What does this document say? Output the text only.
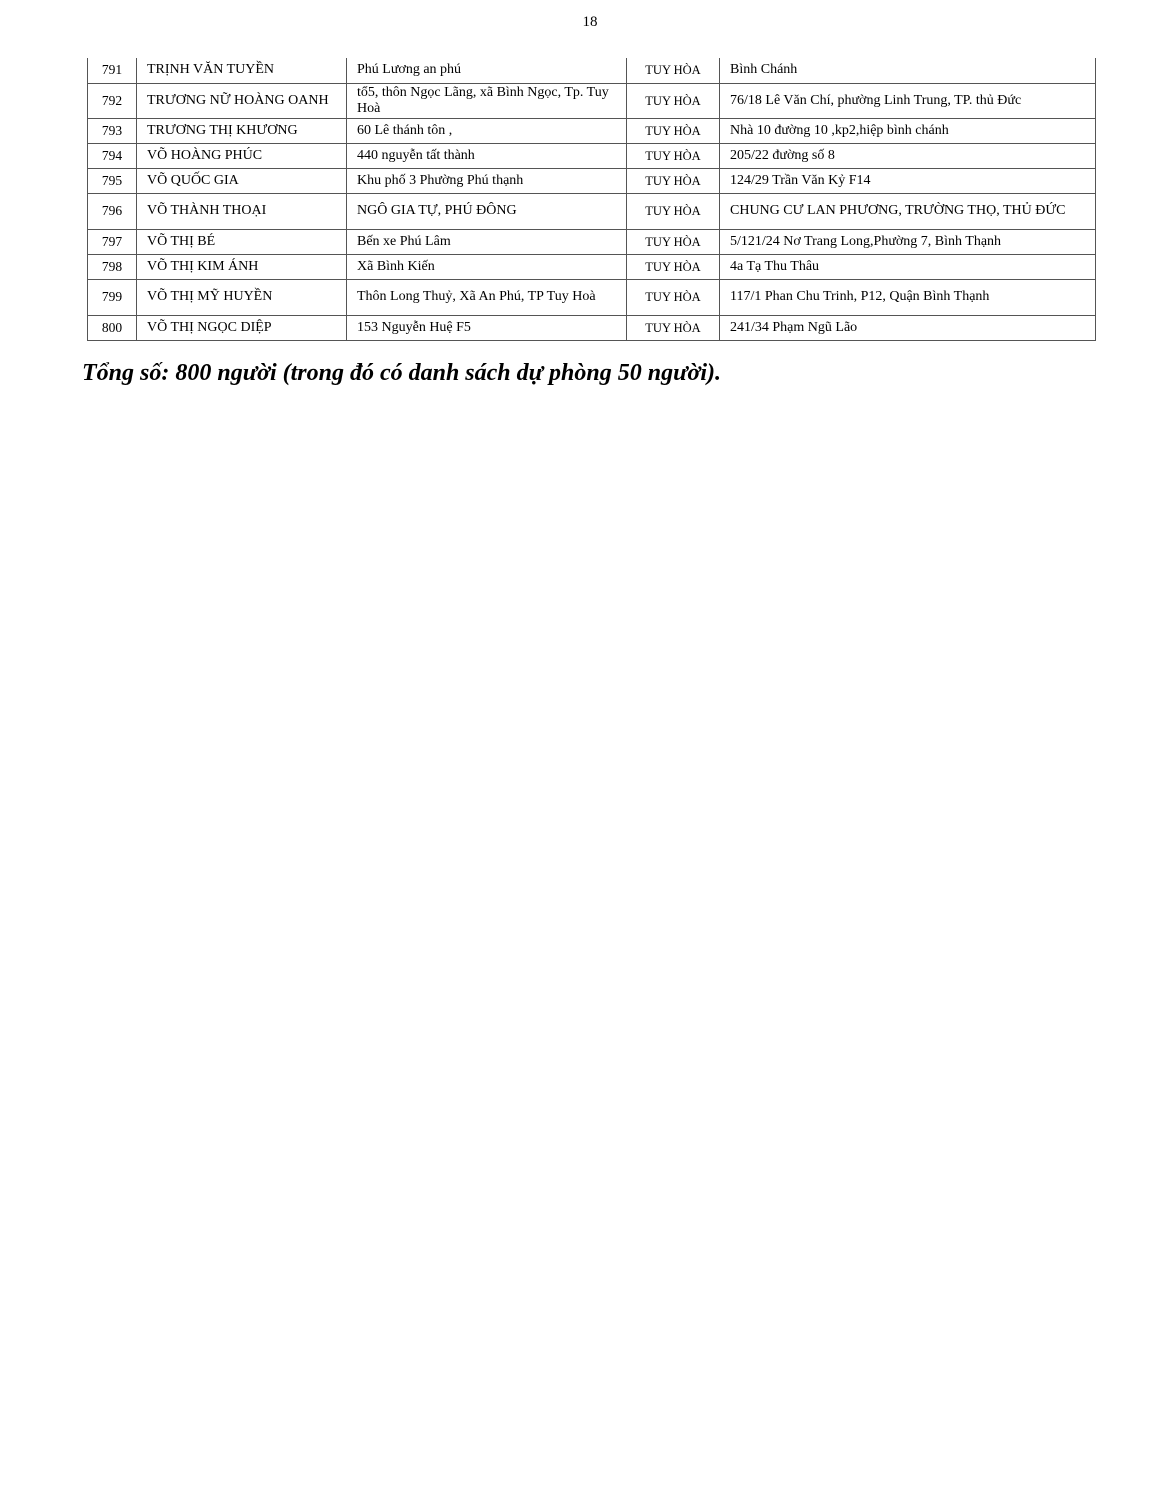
18
791	TRỊNH VĂN TUYỀN	Phú Lương an phú	TUY HÒA	Bình Chánh
792	TRƯƠNG NỮ HOÀNG OANH	tổ5, thôn Ngọc Lãng, xã Bình Ngọc, Tp. Tuy Hoà	TUY HÒA	76/18 Lê Văn Chí, phường Linh Trung, TP. thủ Đức
793	TRƯƠNG THỊ KHƯƠNG	60 Lê thánh tôn ,	TUY HÒA	Nhà 10 đường 10 ,kp2,hiệp bình chánh
794	VÕ HOÀNG PHÚC	440 nguyễn tất thành	TUY HÒA	205/22 đường số 8
795	VÕ QUỐC GIA	Khu phố 3 Phường Phú thạnh	TUY HÒA	124/29 Trần Văn Kỷ F14
796	VÕ THÀNH THOẠI	NGÔ GIA TỰ, PHÚ ĐÔNG	TUY HÒA	CHUNG CƯ LAN PHƯƠNG, TRƯỜNG THỌ, THỦ ĐỨC
797	VÕ THỊ BÉ	Bến xe Phú Lâm	TUY HÒA	5/121/24 Nơ Trang Long,Phường 7, Bình Thạnh
798	VÕ THỊ KIM ÁNH	Xã Bình Kiến	TUY HÒA	4a Tạ Thu Thâu
799	VÕ THỊ MỸ HUYỀN	Thôn Long Thuỷ, Xã An Phú, TP Tuy Hoà	TUY HÒA	117/1 Phan Chu Trinh, P12, Quận Bình Thạnh
800	VÕ THỊ NGỌC DIỆP	153 Nguyễn Huệ F5	TUY HÒA	241/34 Phạm Ngũ Lão
Tổng số: 800 người (trong đó có danh sách dự phòng 50 người).
